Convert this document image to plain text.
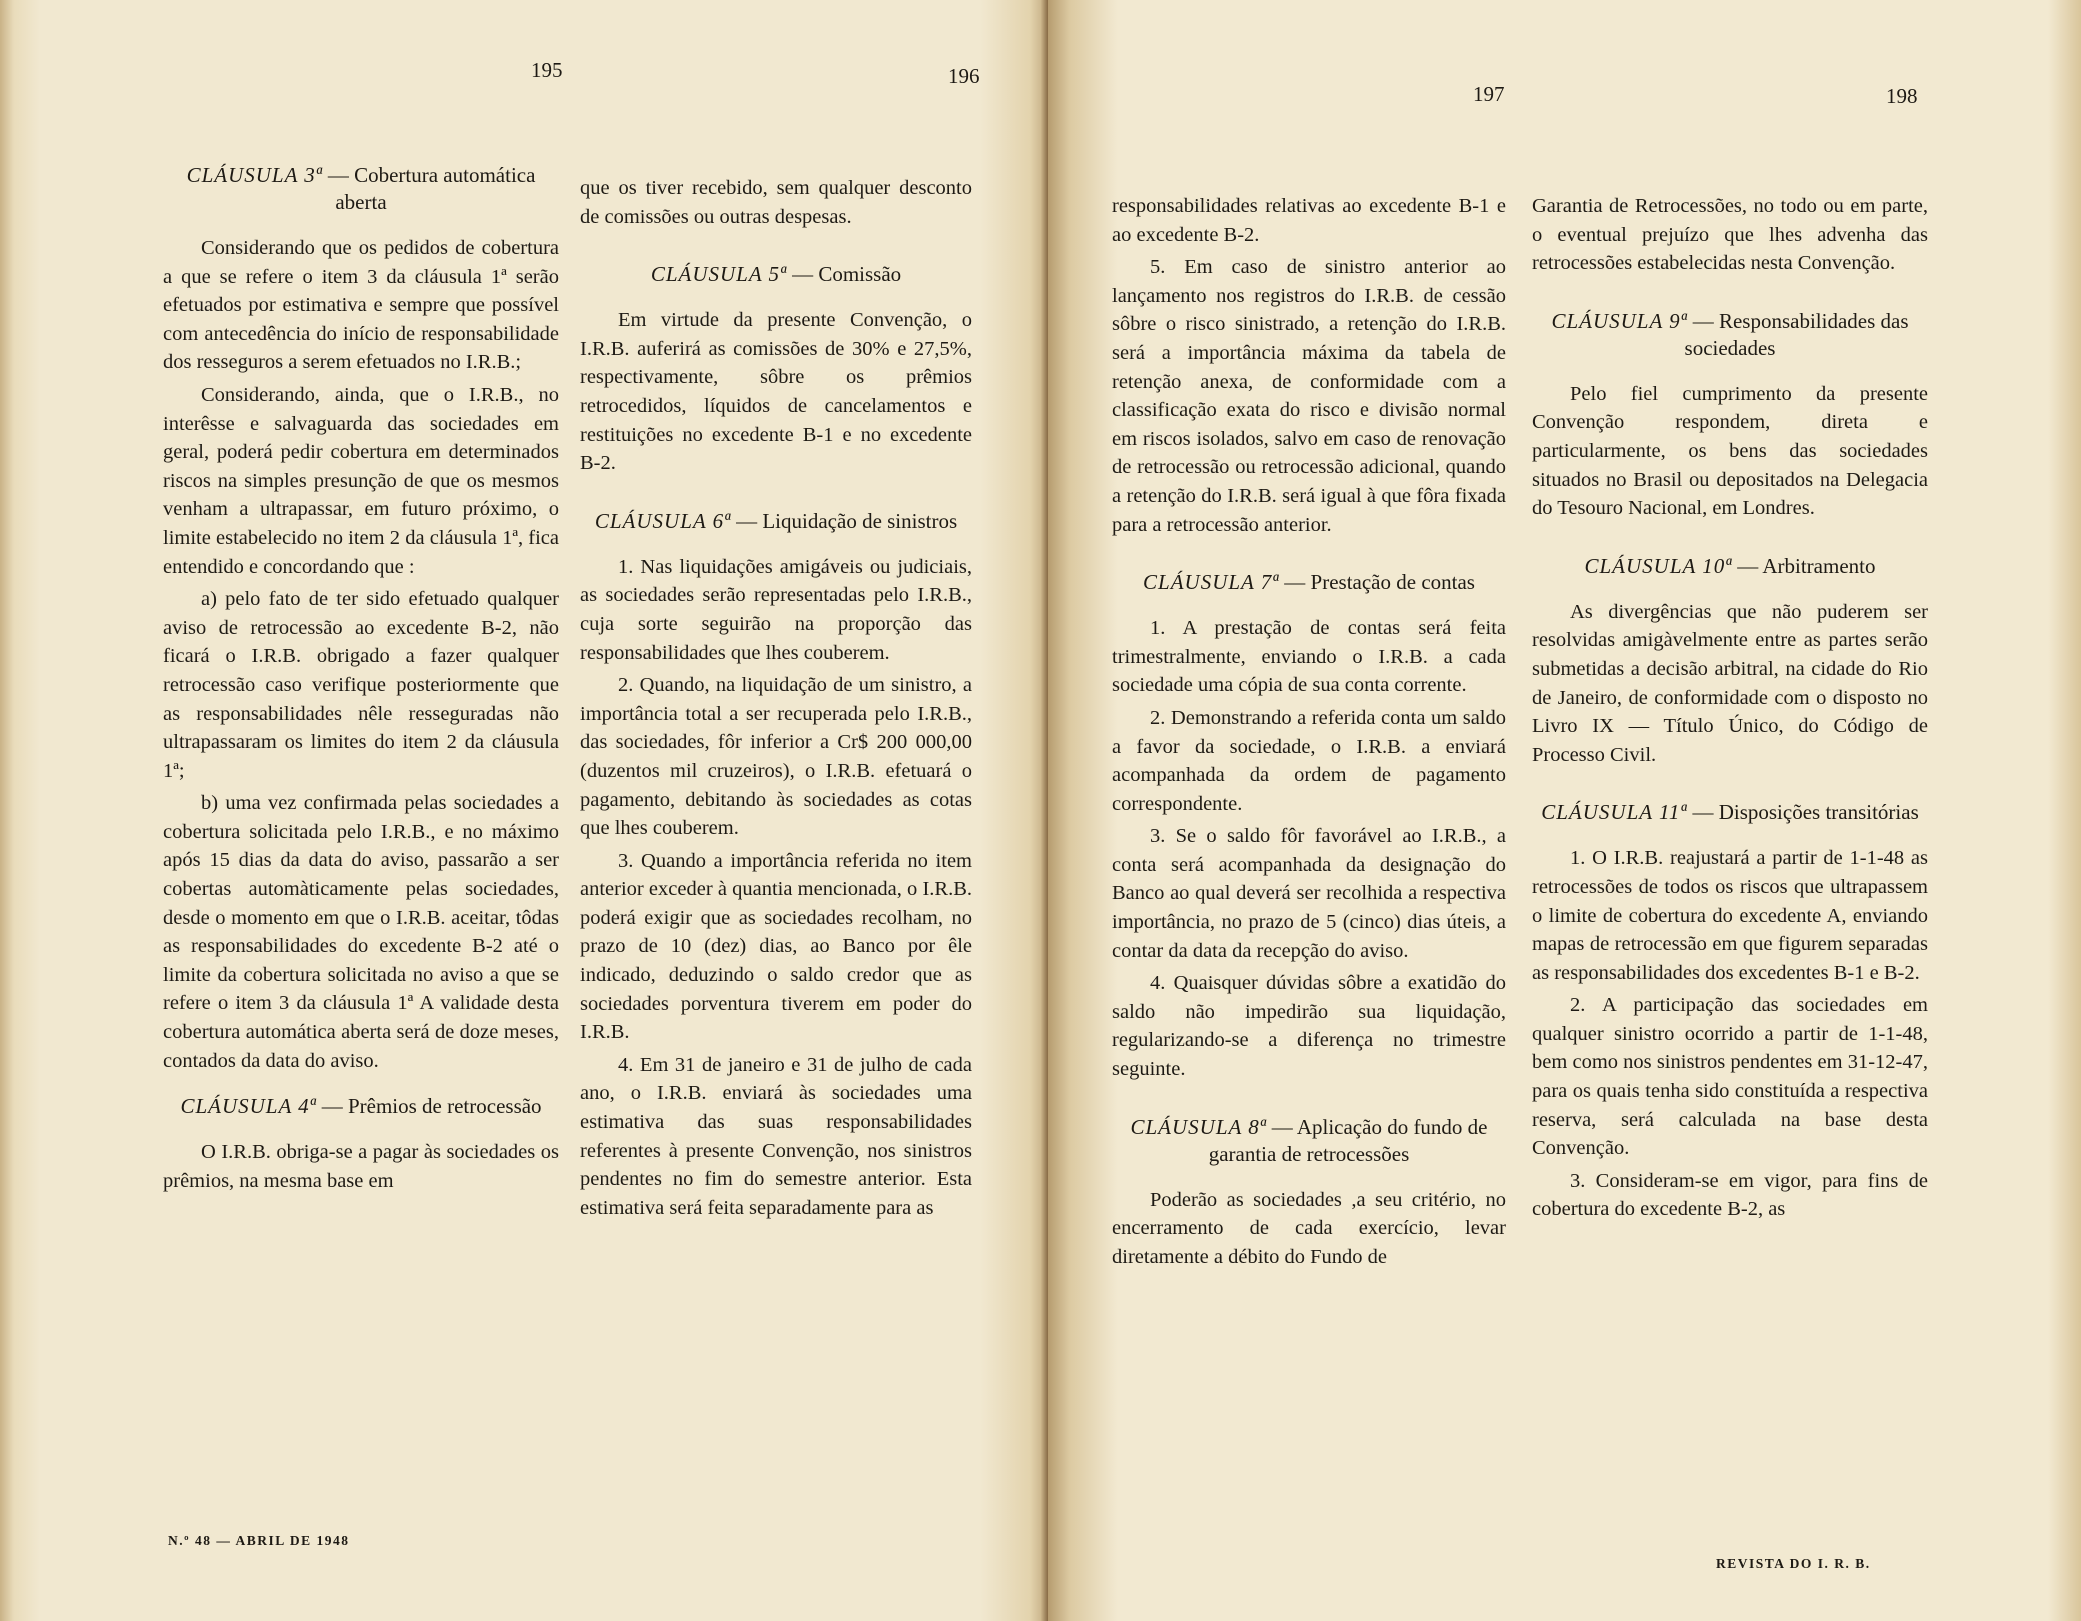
195	196
CLÁUSULA 3ª — Cobertura automática aberta

Considerando que os pedidos de cobertura a que se refere o item 3 da cláusula 1ª serão efetuados por estimativa e sempre que possível com antecedência do início de responsabilidade dos resseguros a serem efetuados no I.R.B.;

Considerando, ainda, que o I.R.B., no interêsse e salvaguarda das sociedades em geral, poderá pedir cobertura em determinados riscos na simples presunção de que os mesmos venham a ultrapassar, em futuro próximo, o limite estabelecido no item 2 da cláusula 1ª, fica entendido e concordando que :

a) pelo fato de ter sido efetuado qualquer aviso de retrocessão ao excedente B-2, não ficará o I.R.B. obrigado a fazer qualquer retrocessão caso verifique posteriormente que as responsabilidades nêle resseguradas não ultrapassaram os limites do item 2 da cláusula 1ª;

b) uma vez confirmada pelas sociedades a cobertura solicitada pelo I.R.B., e no máximo após 15 dias da data do aviso, passarão a ser cobertas automàticamente pelas sociedades, desde o momento em que o I.R.B. aceitar, tôdas as responsabilidades do excedente B-2 até o limite da cobertura solicitada no aviso a que se refere o item 3 da cláusula 1ª A validade desta cobertura automática aberta será de doze meses, contados da data do aviso.

CLÁUSULA 4ª — Prêmios de retrocessão

O I.R.B. obriga-se a pagar às sociedades os prêmios, na mesma base em

que os tiver recebido, sem qualquer desconto de comissões ou outras despesas.

CLÁUSULA 5ª — Comissão

Em virtude da presente Convenção, o I.R.B. auferirá as comissões de 30% e 27,5%, respectivamente, sôbre os prêmios retrocedidos, líquidos de cancelamentos e restituições no excedente B-1 e no excedente B-2.

CLÁUSULA 6ª — Liquidação de sinistros

1. Nas liquidações amigáveis ou judiciais, as sociedades serão representadas pelo I.R.B., cuja sorte seguirão na proporção das responsabilidades que lhes couberem.

2. Quando, na liquidação de um sinistro, a importância total a ser recuperada pelo I.R.B., das sociedades, fôr inferior a Cr$ 200 000,00 (duzentos mil cruzeiros), o I.R.B. efetuará o pagamento, debitando às sociedades as cotas que lhes couberem.

3. Quando a importância referida no item anterior exceder à quantia mencionada, o I.R.B. poderá exigir que as sociedades recolham, no prazo de 10 (dez) dias, ao Banco por êle indicado, deduzindo o saldo credor que as sociedades porventura tiverem em poder do I.R.B.

4. Em 31 de janeiro e 31 de julho de cada ano, o I.R.B. enviará às sociedades uma estimativa das suas responsabilidades referentes à presente Convenção, nos sinistros pendentes no fim do semestre anterior. Esta estimativa será feita separadamente para as

N.º 48 — ABRIL DE 1948
197	198

responsabilidades relativas ao excedente B-1 e ao excedente B-2.

5. Em caso de sinistro anterior ao lançamento nos registros do I.R.B. de cessão sôbre o risco sinistrado, a retenção do I.R.B. será a importância máxima da tabela de retenção anexa, de conformidade com a classificação exata do risco e divisão normal em riscos isolados, salvo em caso de renovação de retrocessão ou retrocessão adicional, quando a retenção do I.R.B. será igual à que fôra fixada para a retrocessão anterior.

CLÁUSULA 7ª — Prestação de contas

1. A prestação de contas será feita trimestralmente, enviando o I.R.B. a cada sociedade uma cópia de sua conta corrente.

2. Demonstrando a referida conta um saldo a favor da sociedade, o I.R.B. a enviará acompanhada da ordem de pagamento correspondente.

3. Se o saldo fôr favorável ao I.R.B., a conta será acompanhada da designação do Banco ao qual deverá ser recolhida a respectiva importância, no prazo de 5 (cinco) dias úteis, a contar da data da recepção do aviso.

4. Quaisquer dúvidas sôbre a exatidão do saldo não impedirão sua liquidação, regularizando-se a diferença no trimestre seguinte.

CLÁUSULA 8ª — Aplicação do fundo de garantia de retrocessões

Poderão as sociedades ,a seu critério, no encerramento de cada exercício, levar diretamente a débito do Fundo de

Garantia de Retrocessões, no todo ou em parte, o eventual prejuízo que lhes advenha das retrocessões estabelecidas nesta Convenção.

CLÁUSULA 9ª — Responsabilidades das sociedades

Pelo fiel cumprimento da presente Convenção respondem, direta e particularmente, os bens das sociedades situados no Brasil ou depositados na Delegacia do Tesouro Nacional, em Londres.

CLÁUSULA 10ª — Arbitramento

As divergências que não puderem ser resolvidas amigàvelmente entre as partes serão submetidas a decisão arbitral, na cidade do Rio de Janeiro, de conformidade com o disposto no Livro IX — Título Único, do Código de Processo Civil.

CLÁUSULA 11ª — Disposições transitórias

1. O I.R.B. reajustará a partir de 1-1-48 as retrocessões de todos os riscos que ultrapassem o limite de cobertura do excedente A, enviando mapas de retrocessão em que figurem separadas as responsabilidades dos excedentes B-1 e B-2.

2. A participação das sociedades em qualquer sinistro ocorrido a partir de 1-1-48, bem como nos sinistros pendentes em 31-12-47, para os quais tenha sido constituída a respectiva reserva, será calculada na base desta Convenção.

3. Consideram-se em vigor, para fins de cobertura do excedente B-2, as

REVISTA DO I. R. B.
